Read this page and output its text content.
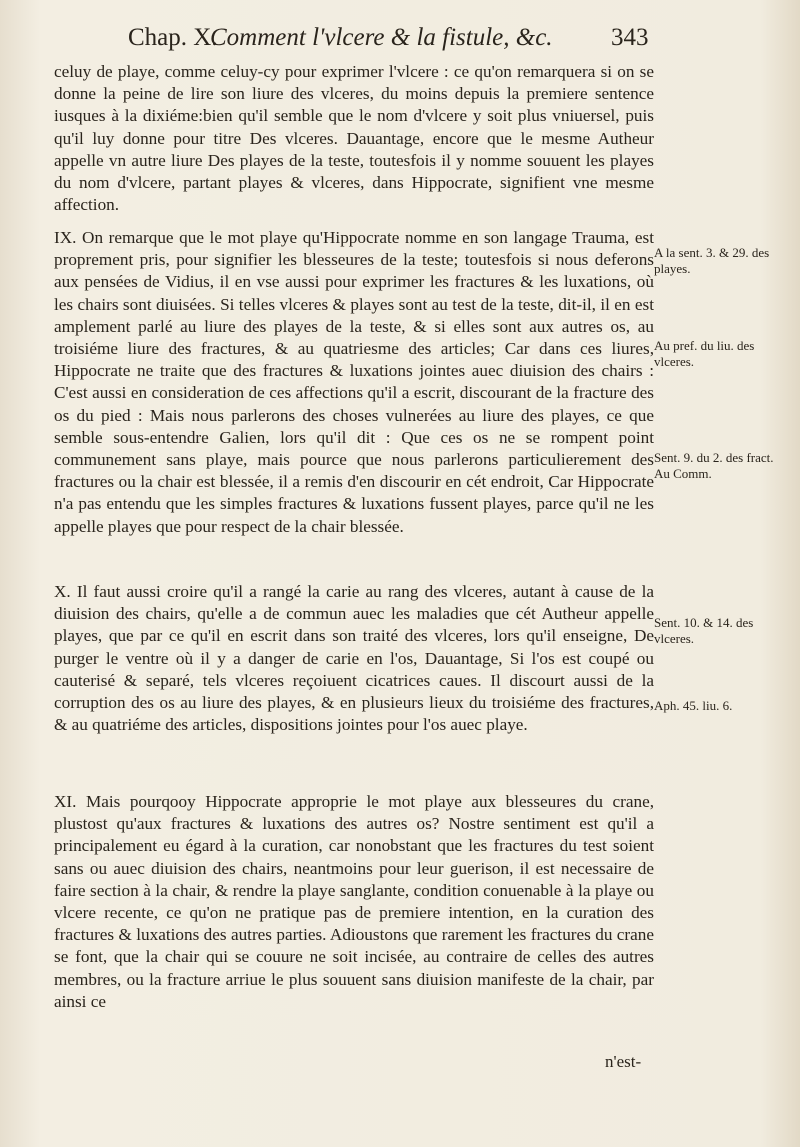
Chap. X.
Comment l'vlcere & la fistule, &c. 343

celuy de playe, comme celuy-cy pour exprimer l'vlcere : ce qu'on remarquera si on se donne la peine de lire son liure des vlceres, du moins depuis la premiere sentence iusques à la dixiéme:bien qu'il semble que le nom d'vlcere y soit plus vniuersel, puis qu'il luy donne pour titre Des vlceres. Dauantage, encore que le mesme Autheur appelle vn autre liure Des playes de la teste, toutesfois il y nomme souuent les playes du nom d'vlcere, partant playes & vlceres, dans Hippocrate, signifient vne mesme affection.

IX. On remarque que le mot playe qu'Hippocrate nomme en son langage Trauma, est proprement pris, pour signifier les blesseures de la teste; toutesfois si nous deferons aux pensées de Vidius, il en vse aussi pour exprimer les fractures & les luxations, où les chairs sont diuisées. Si telles vlceres & playes sont au test de la teste, dit-il, il en est amplement parlé au liure des playes de la teste, & si elles sont aux autres os, au troisiéme liure des fractures, & au quatriesme des articles; Car dans ces liures, Hippocrate ne traite que des fractures & luxations jointes auec diuision des chairs : C'est aussi en consideration de ces affections qu'il a escrit, discourant de la fracture des os du pied : Mais nous parlerons des choses vulnerées au liure des playes, ce que semble sous-entendre Galien, lors qu'il dit : Que ces os ne se rompent point communement sans playe, mais pource que nous parlerons particulierement des fractures ou la chair est blessée, il a remis d'en discourir en cét endroit, Car Hippocrate n'a pas entendu que les simples fractures & luxations fussent playes, parce qu'il ne les appelle playes que pour respect de la chair blessée.

X. Il faut aussi croire qu'il a rangé la carie au rang des vlceres, autant à cause de la diuision des chairs, qu'elle a de commun auec les maladies que cét Autheur appelle playes, que par ce qu'il en escrit dans son traité des vlceres, lors qu'il enseigne, De purger le ventre où il y a danger de carie en l'os, Dauantage, Si l'os est coupé ou cauterisé & separé, tels vlceres reçoiuent cicatrices caues. Il discourt aussi de la corruption des os au liure des playes, & en plusieurs lieux du troisiéme des fractures, & au quatriéme des articles, dispositions jointes pour l'os auec playe.

XI. Mais pourqooy Hippocrate approprie le mot playe aux blesseures du crane, plustost qu'aux fractures & luxations des autres os? Nostre sentiment est qu'il a principalement eu égard à la curation, car nonobstant que les fractures du test soient sans ou auec diuision des chairs, neantmoins pour leur guerison, il est necessaire de faire section à la chair, & rendre la playe sanglante, condition conuenable à la playe ou vlcere recente, ce qu'on ne pratique pas de premiere intention, en la curation des fractures & luxations des autres parties. Adioustons que rarement les fractures du crane se font, que la chair qui se couure ne soit incisée, au contraire de celles des autres membres, ou la fracture arriue le plus souuent sans diuision manifeste de la chair, par ainsi ce

A la sent. 3. & 29. des playes.
Au pref. du liu. des vlceres.
Sent. 9. du 2. des fract. Au Comm.
Sent. 10. & 14. des vlceres.
Aph. 45. liu. 6.
n'est-
